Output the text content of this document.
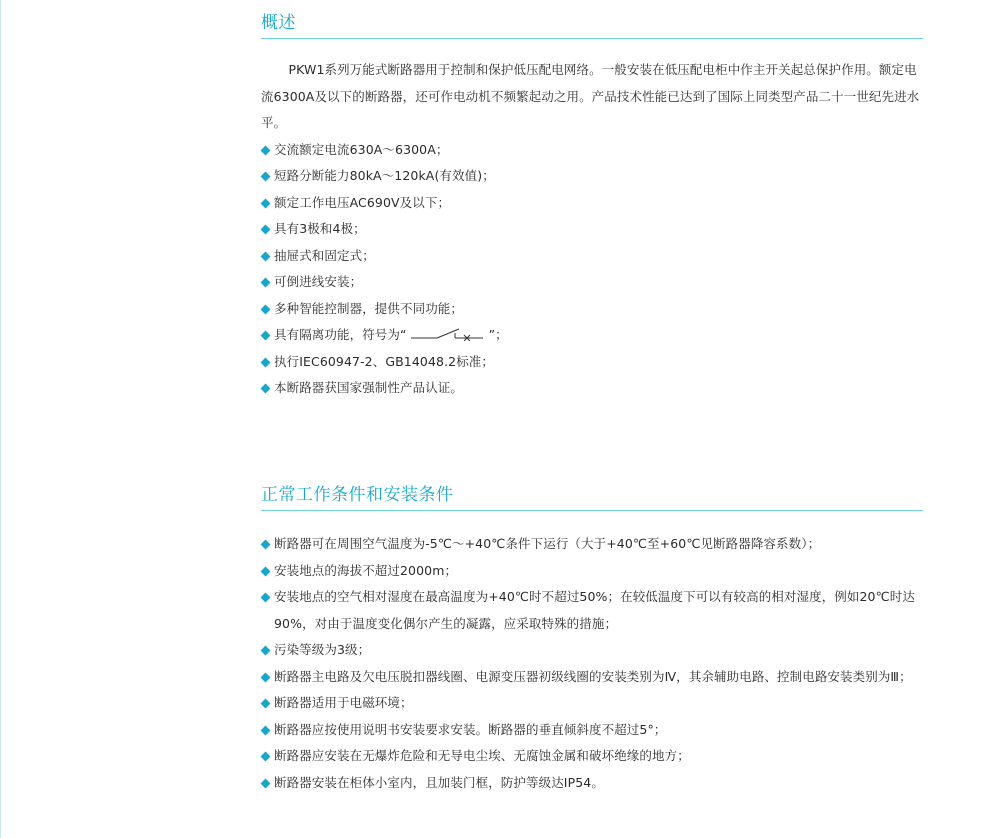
概述
PKW1系列万能式断路器用于控制和保护低压配电网络。一般安装在低压配电柜中作主开关起总保护作用。额定电流6300A及以下的断路器，还可作电动机不频繁起动之用。产品技术性能已达到了国际上同类型产品二十一世纪先进水平。
交流额定电流630A～6300A；
短路分断能力80kA～120kA(有效值)；
额定工作电压AC690V及以下；
具有3极和4极；
抽屉式和固定式；
可倒进线安装；
多种智能控制器，提供不同功能；
具有隔离功能，符号为“	”；
执行IEC60947-2、GB14048.2标准；
本断路器获国家强制性产品认证。
正常工作条件和安装条件
断路器可在周围空气温度为-5℃～+40℃条件下运行（大于+40℃至+60℃见断路器降容系数）；
安装地点的海拔不超过2000m；
安装地点的空气相对湿度在最高温度为+40℃时不超过50%；在较低温度下可以有较高的相对湿度，例如20℃时达90%，对由于温度变化偶尔产生的凝露，应采取特殊的措施；
污染等级为3级；
断路器主电路及欠电压脱扣器线圈、电源变压器初级线圈的安装类别为Ⅳ，其余辅助电路、控制电路安装类别为Ⅲ；
断路器适用于电磁环境；
断路器应按使用说明书安装要求安装。断路器的垂直倾斜度不超过5°；
断路器应安装在无爆炸危险和无导电尘埃、无腐蚀金属和破坏绝缘的地方；
断路器安装在柜体小室内，且加装门框，防护等级达IP54。
